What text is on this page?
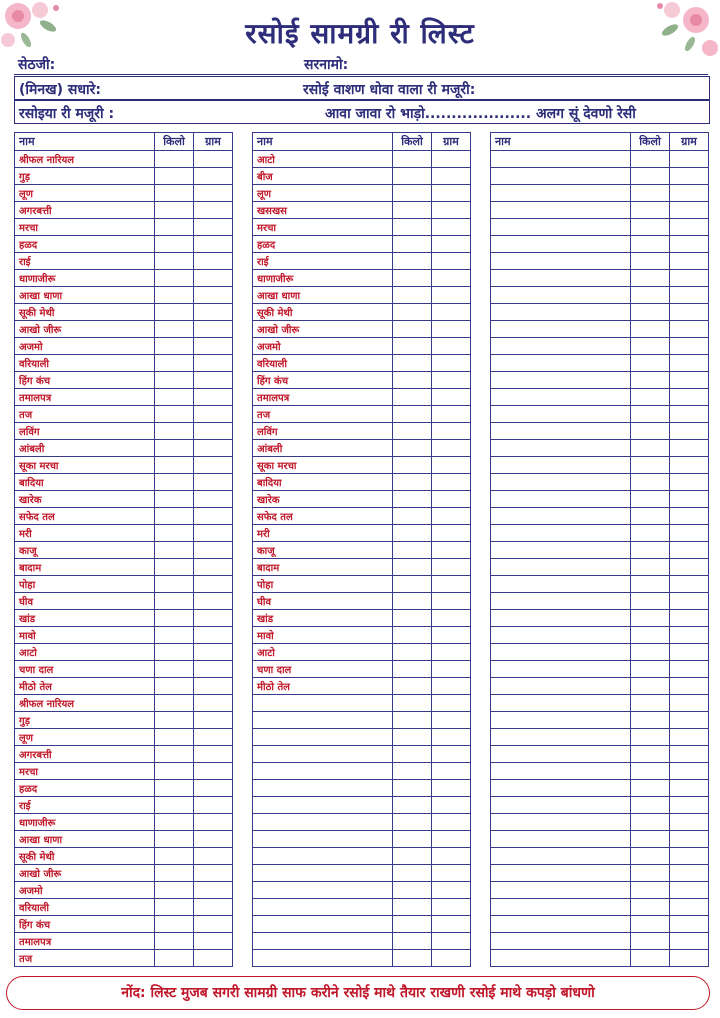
रसोई सामग्री री लिस्ट
सेठजी:	सरनामो:
(मिनख) सधारे:	रसोई वाशण धोवा वाला री मजूरी:
रसोइया री मजूरी :	आवा जावा रो भाड़ो.................... अलग सूं देवणो रेसी
नाम	किलो	ग्राम
श्रीफल नारियल		
गुड़		
लूण		
अगरबत्ती		
मरचा		
हळद		
राई		
धाणाजीरू		
आखा धाणा		
सूकी मेथी		
आखो जीरू		
अजमो		
वरियाली		
हिंग कंच		
तमालपत्र		
तज		
लविंग		
आंबली		
सूका मरचा		
बादिया		
खारेक		
सफेद तल		
मरी		
काजू		
बादाम		
पोहा		
घीव		
खांड		
मावो		
आटो		
चणा दाल		
मीठो तेल		
श्रीफल नारियल		
गुड़		
लूण		
अगरबत्ती		
मरचा		
हळद		
राई		
धाणाजीरू		
आखा धाणा		
सूकी मेथी		
आखो जीरू		
अजमो		
वरियाली		
हिंग कंच		
तमालपत्र		
तज		
नाम	किलो	ग्राम
आटो		
बीज		
लूण		
खसखस		
मरचा		
हळद		
राई		
धाणाजीरू		
आखा धाणा		
सूकी मेथी		
आखो जीरू		
अजमो		
वरियाली		
हिंग कंच		
तमालपत्र		
तज		
लविंग		
आंबली		
सूका मरचा		
बादिया		
खारेक		
सफेद तल		
मरी		
काजू		
बादाम		
पोहा		
घीव		
खांड		
मावो		
आटो		
चणा दाल		
मीठो तेल		

नाम	किलो	ग्राम

नोंद: लिस्ट मुजब सगरी सामग्री साफ करीने रसोई माथे तैयार राखणी रसोई माथे कपड़ो बांधणो
